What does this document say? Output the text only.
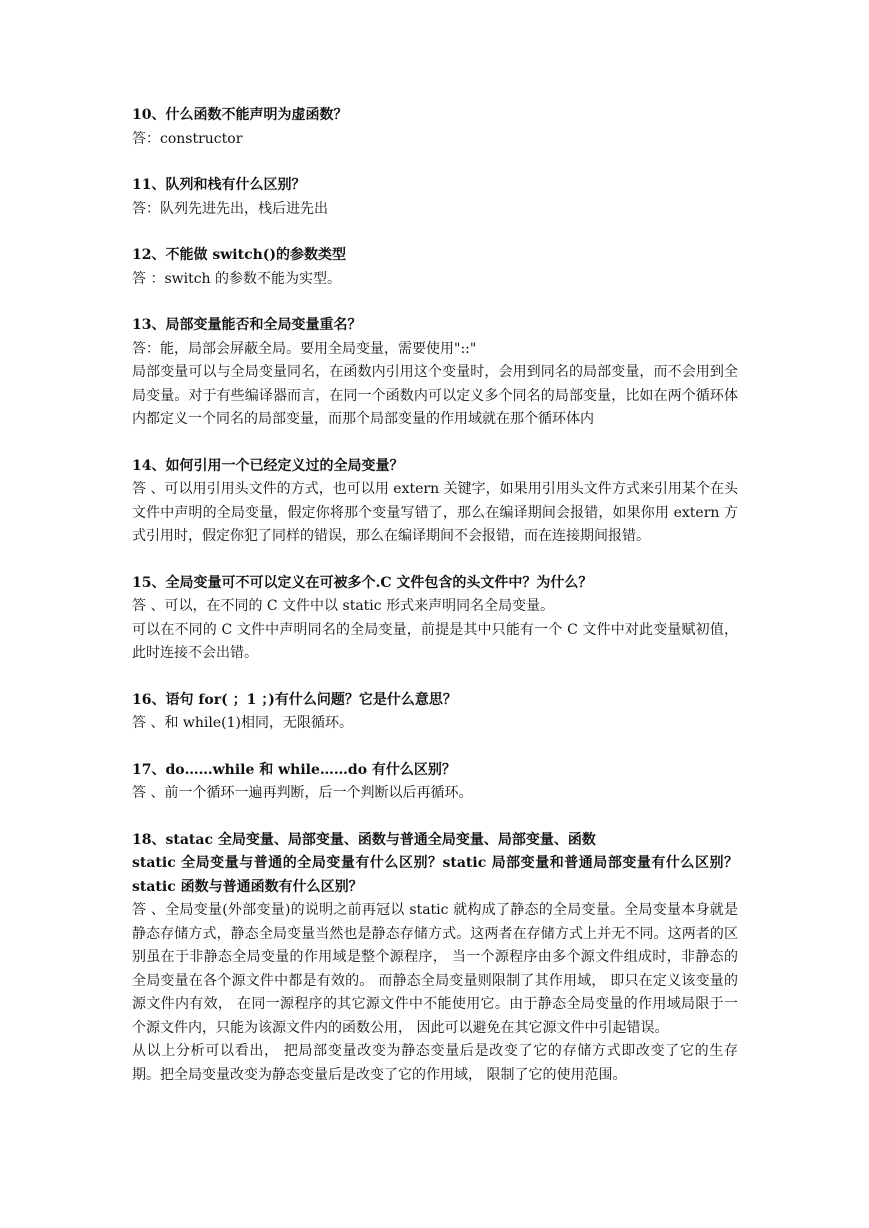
10、什么函数不能声明为虚函数？

答：constructor

11、队列和栈有什么区别？

答：队列先进先出，栈后进先出

12、不能做 switch()的参数类型

答 ：switch 的参数不能为实型。

13、局部变量能否和全局变量重名？

答：能，局部会屏蔽全局。要用全局变量，需要使用"::"

局部变量可以与全局变量同名，在函数内引用这个变量时，会用到同名的局部变量，而不会用到全局变量。对于有些编译器而言，在同一个函数内可以定义多个同名的局部变量，比如在两个循环体内都定义一个同名的局部变量，而那个局部变量的作用域就在那个循环体内

14、如何引用一个已经定义过的全局变量？

答 、可以用引用头文件的方式，也可以用 extern 关键字，如果用引用头文件方式来引用某个在头文件中声明的全局变量，假定你将那个变量写错了，那么在编译期间会报错，如果你用 extern 方式引用时，假定你犯了同样的错误，那么在编译期间不会报错，而在连接期间报错。

15、全局变量可不可以定义在可被多个.C 文件包含的头文件中？为什么？

答 、可以，在不同的 C 文件中以 static 形式来声明同名全局变量。

可以在不同的 C 文件中声明同名的全局变量，前提是其中只能有一个 C 文件中对此变量赋初值，此时连接不会出错。

16、语句 for( ；1 ；)有什么问题？它是什么意思？

答 、和 while(1)相同，无限循环。

17、do……while 和 while……do 有什么区别？

答 、前一个循环一遍再判断，后一个判断以后再循环。

18、statac 全局变量、局部变量、函数与普通全局变量、局部变量、函数

static 全局变量与普通的全局变量有什么区别？static 局部变量和普通局部变量有什么区别？static 函数与普通函数有什么区别？

答 、全局变量(外部变量)的说明之前再冠以 static 就构成了静态的全局变量。全局变量本身就是静态存储方式，静态全局变量当然也是静态存储方式。这两者在存储方式上并无不同。这两者的区别虽在于非静态全局变量的作用域是整个源程序， 当一个源程序由多个源文件组成时，非静态的全局变量在各个源文件中都是有效的。 而静态全局变量则限制了其作用域， 即只在定义该变量的源文件内有效， 在同一源程序的其它源文件中不能使用它。由于静态全局变量的作用域局限于一个源文件内，只能为该源文件内的函数公用， 因此可以避免在其它源文件中引起错误。

从以上分析可以看出， 把局部变量改变为静态变量后是改变了它的存储方式即改变了它的生存期。把全局变量改变为静态变量后是改变了它的作用域， 限制了它的使用范围。
